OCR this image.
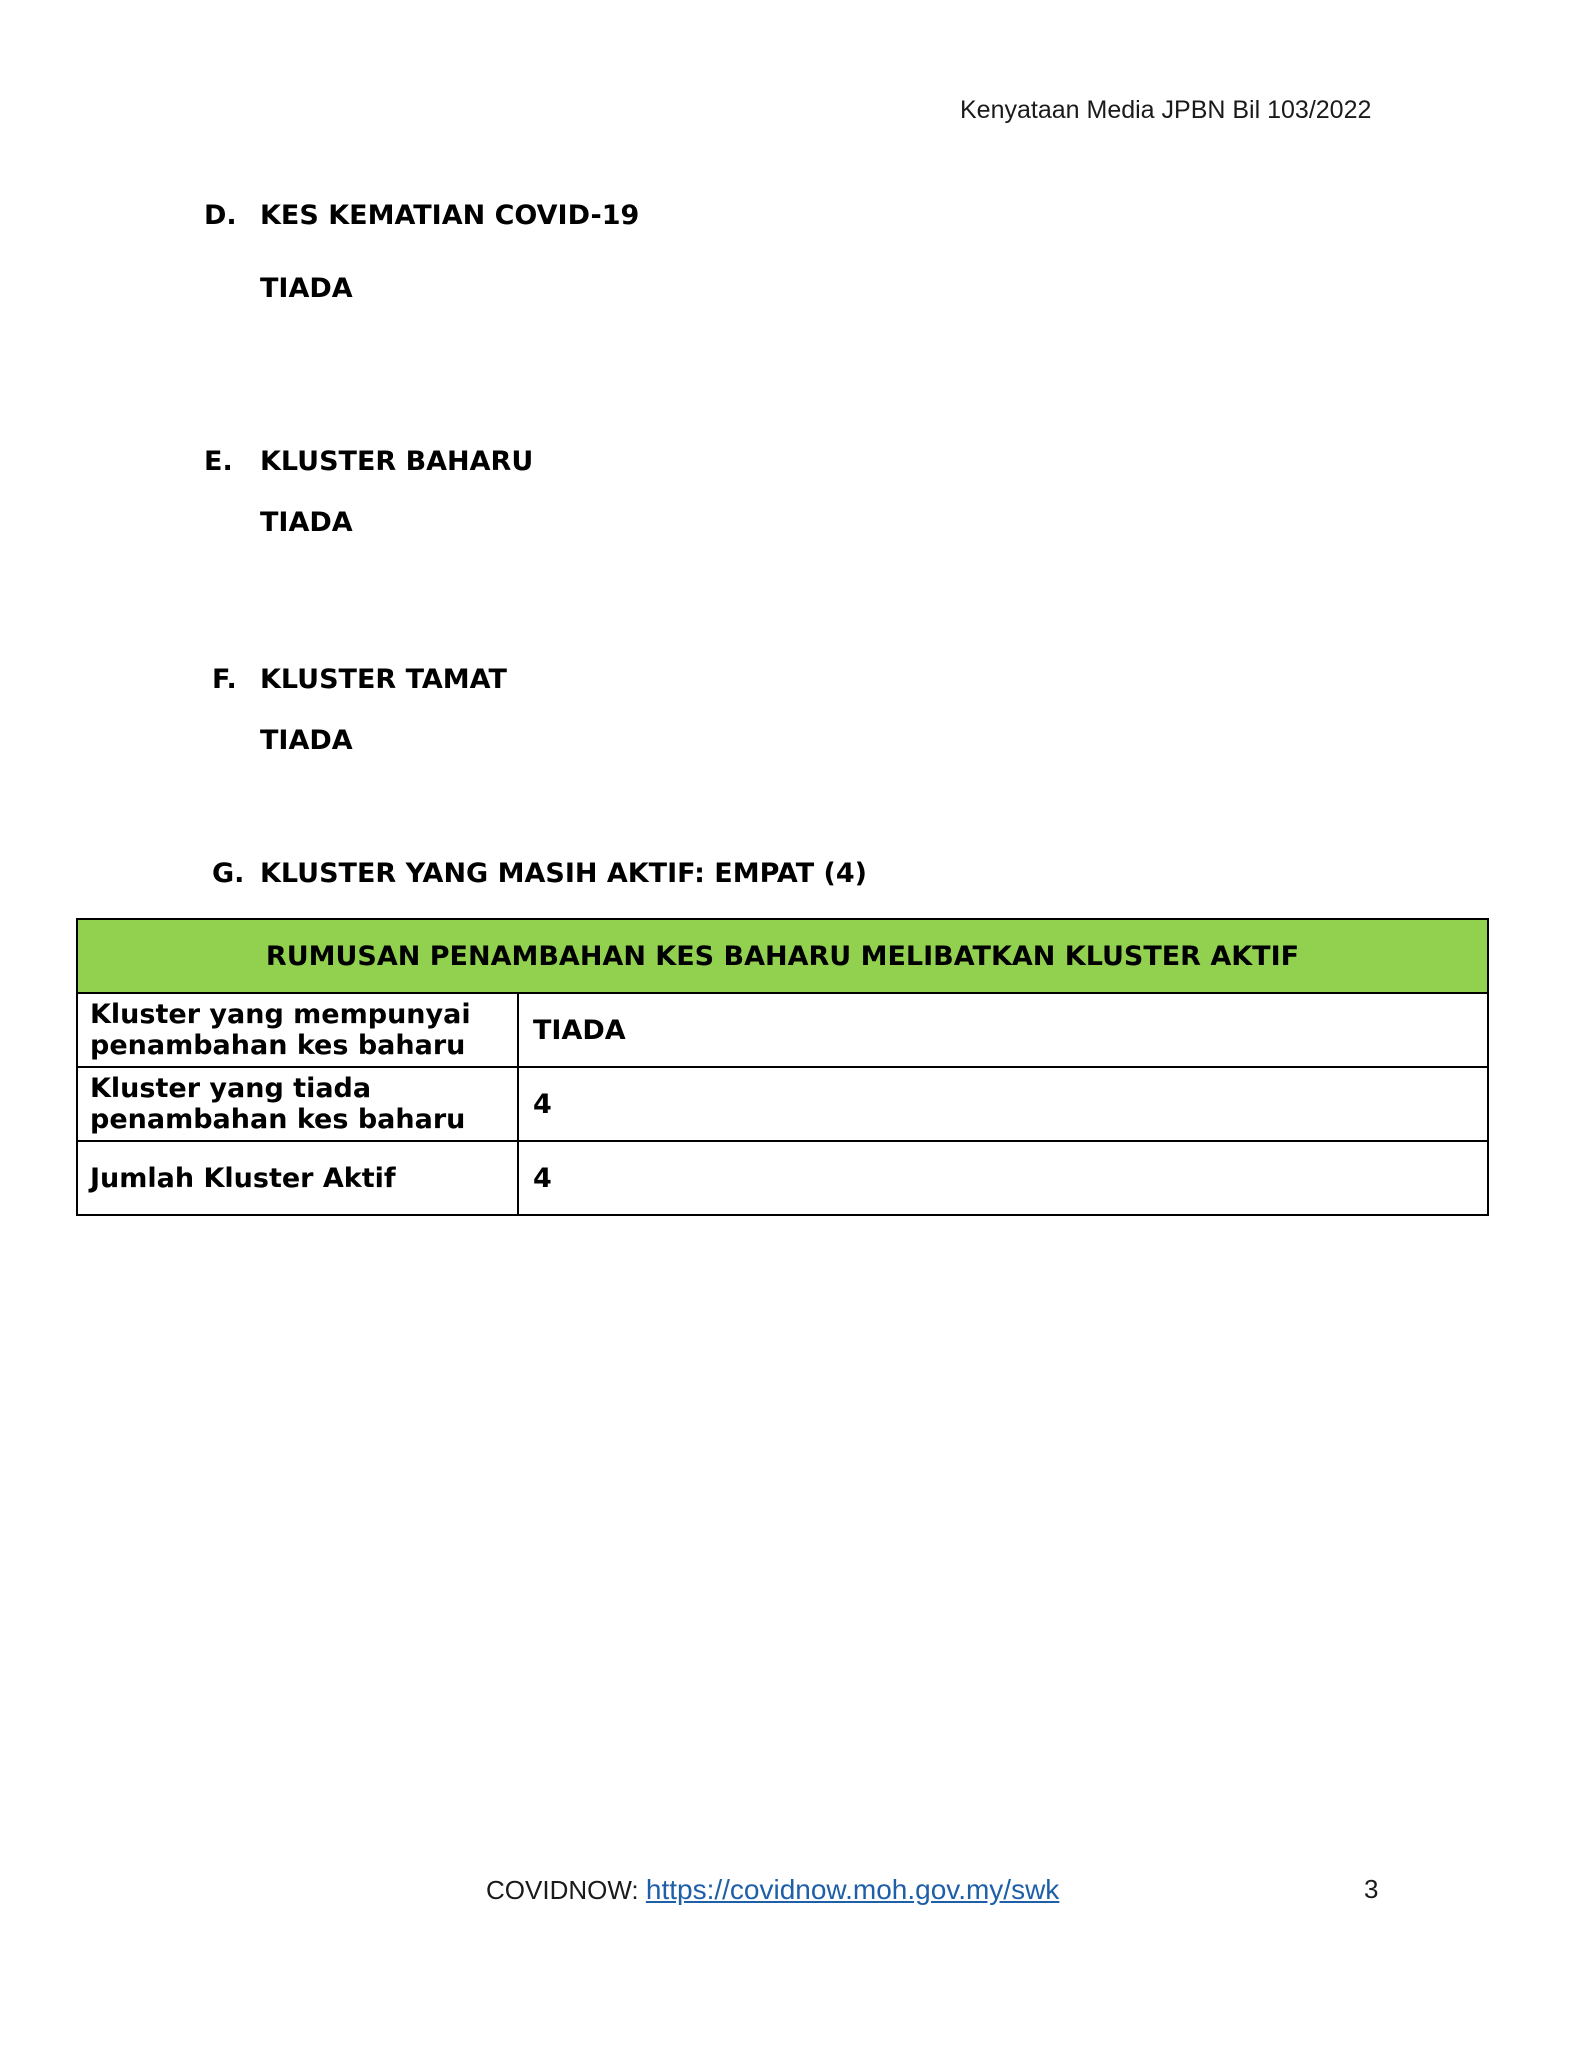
Kenyataan Media JPBN Bil 103/2022
D. KES KEMATIAN COVID-19
TIADA
E. KLUSTER BAHARU
TIADA
F. KLUSTER TAMAT
TIADA
G. KLUSTER YANG MASIH AKTIF: EMPAT (4)
RUMUSAN PENAMBAHAN KES BAHARU MELIBATKAN KLUSTER AKTIF	
Kluster yang mempunyai penambahan kes baharu	TIADA
Kluster yang tiada penambahan kes baharu	4
Jumlah Kluster Aktif	4
COVIDNOW: https://covidnow.moh.gov.my/swk	3
